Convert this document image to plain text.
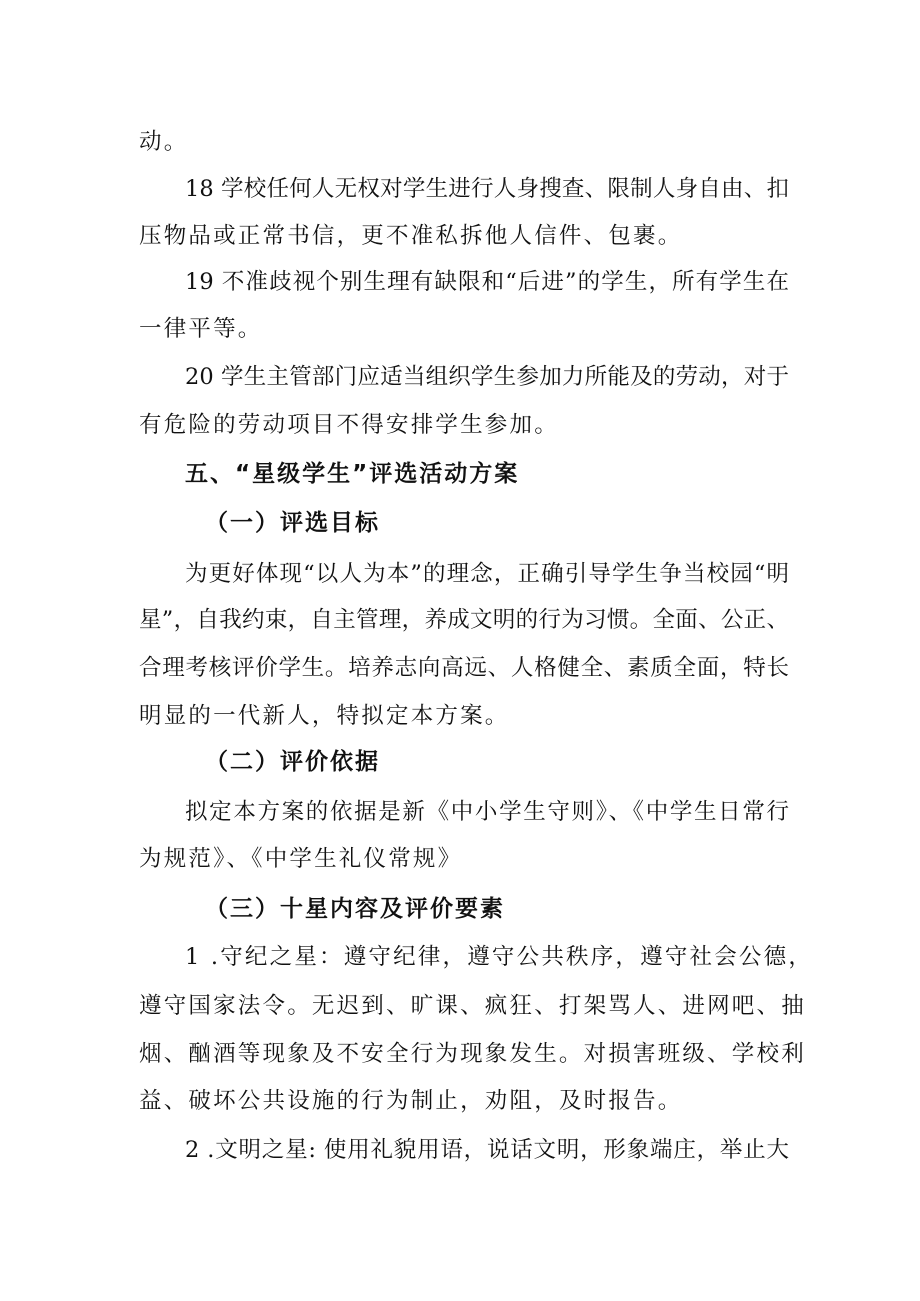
动。
18 学校任何人无权对学生进行人身搜查、限制人身自由、扣
压物品或正常书信，更不准私拆他人信件、包裹。
19 不准歧视个别生理有缺限和“后进”的学生，所有学生在
一律平等。
20 学生主管部门应适当组织学生参加力所能及的劳动，对于
有危险的劳动项目不得安排学生参加。
五、“星级学生”评选活动方案
（一）评选目标
为更好体现“以人为本”的理念，正确引导学生争当校园“明
星”，自我约束，自主管理，养成文明的行为习惯。全面、公正、
合理考核评价学生。培养志向高远、人格健全、素质全面，特长
明显的一代新人，特拟定本方案。
（二）评价依据
拟定本方案的依据是新《中小学生守则》、《中学生日常行
为规范》、《中学生礼仪常规》
（三）十星内容及评价要素
1 .守纪之星：遵守纪律，遵守公共秩序，遵守社会公德，
遵守国家法令。无迟到、旷课、疯狂、打架骂人、进网吧、抽
烟、酗酒等现象及不安全行为现象发生。对损害班级、学校利
益、破坏公共设施的行为制止，劝阻，及时报告。
2 .文明之星: 使用礼貌用语，说话文明，形象端庄，举止大
